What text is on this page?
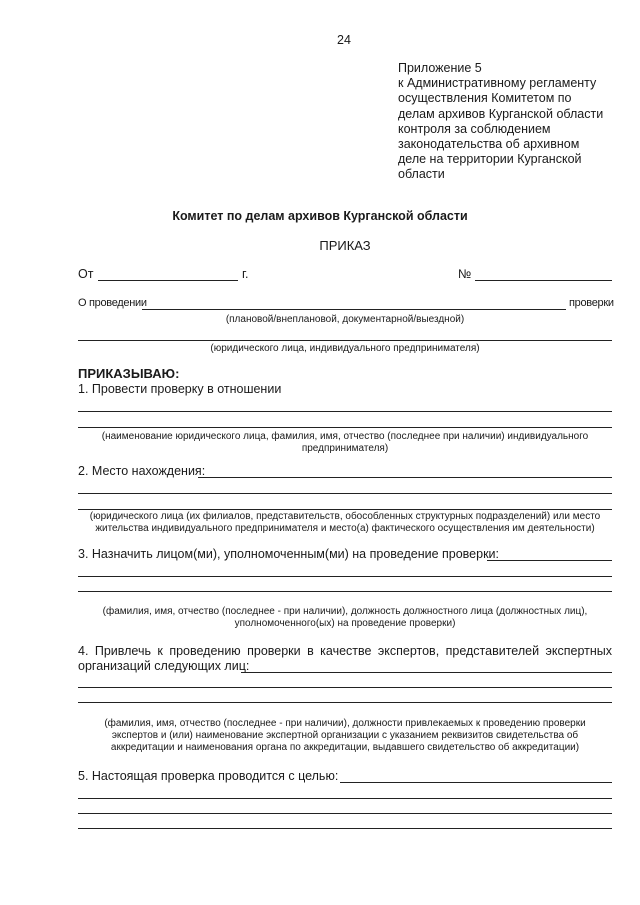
24
Приложение 5
к Административному регламенту
осуществления Комитетом по
делам архивов Курганской области
контроля за соблюдением
законодательства об архивном
деле на территории Курганской
области
Комитет по делам архивов Курганской области
ПРИКАЗ
От	г.	№
О проведении	проверки
(плановой/внеплановой, документарной/выездной)
(юридического лица, индивидуального предпринимателя)
ПРИКАЗЫВАЮ:
1. Провести проверку в отношении
(наименование юридического лица, фамилия, имя, отчество (последнее при наличии) индивидуального
предпринимателя)
2. Место нахождения:
(юридического лица (их филиалов, представительств, обособленных структурных подразделений) или место
жительства индивидуального предпринимателя и место(а) фактического осуществления им деятельности)
3. Назначить лицом(ми), уполномоченным(ми) на проведение проверки:
(фамилия, имя, отчество (последнее - при наличии), должность должностного лица (должностных лиц),
уполномоченного(ых) на проведение проверки)
4. Привлечь к проведению проверки в качестве экспертов, представителей экспертных
организаций следующих лиц:
(фамилия, имя, отчество (последнее - при наличии), должности привлекаемых к проведению проверки
экспертов и (или) наименование экспертной организации с указанием реквизитов свидетельства об
аккредитации и наименования органа по аккредитации, выдавшего свидетельство об аккредитации)
5. Настоящая проверка проводится с целью:
